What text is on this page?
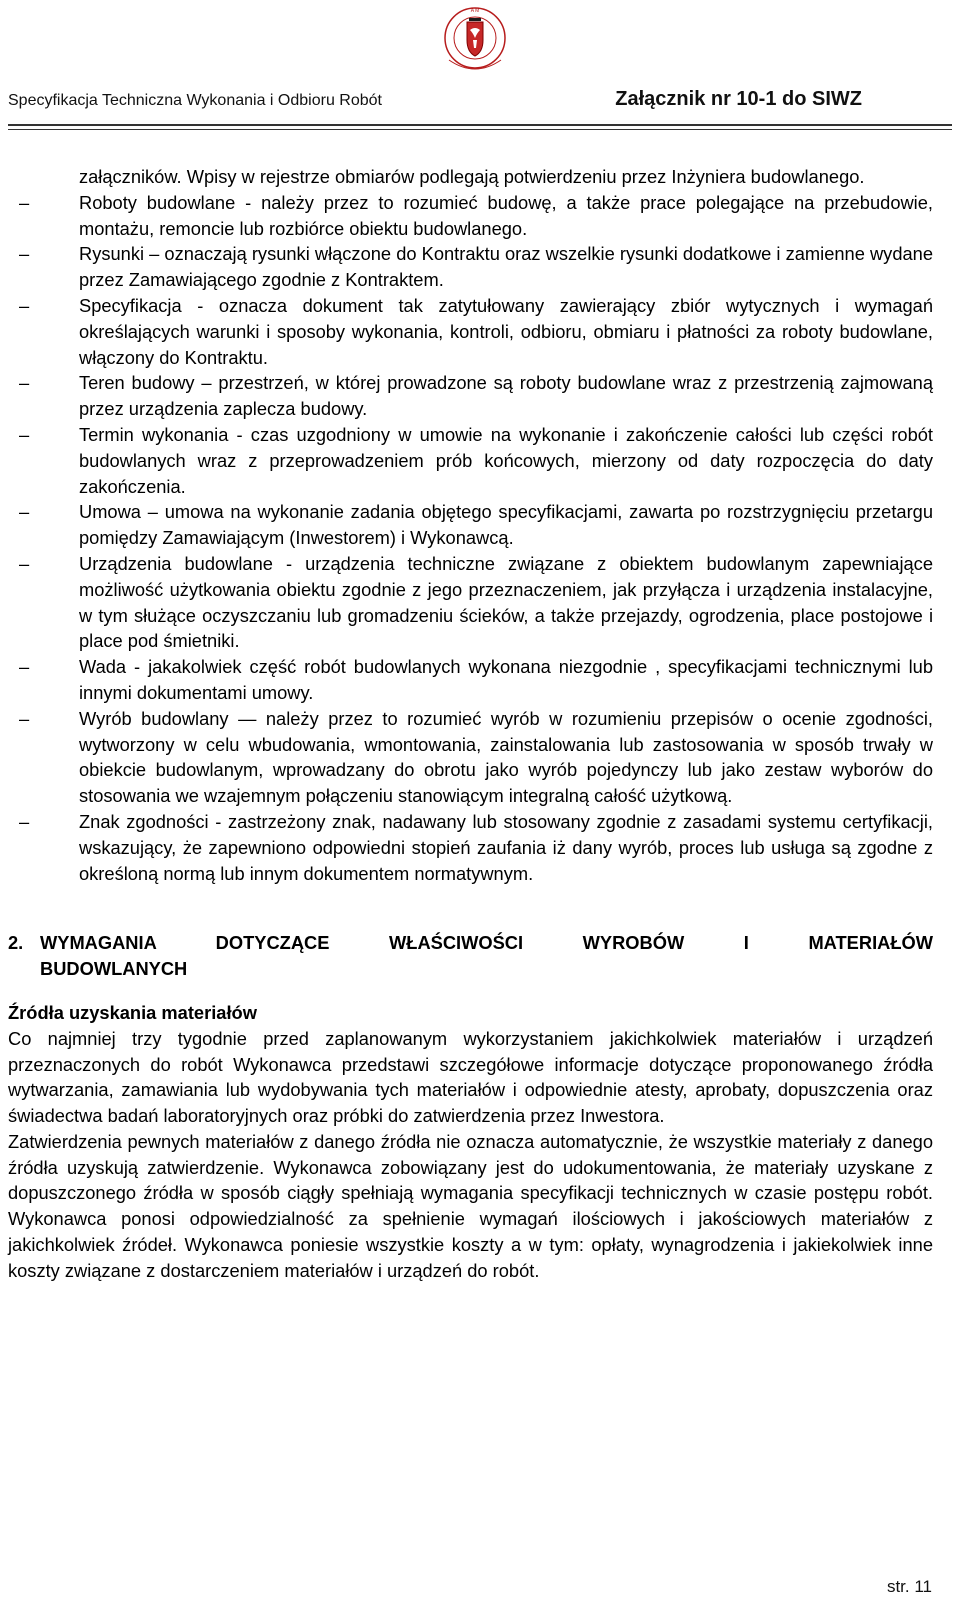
A M
Specyfikacja Techniczna Wykonania i Odbioru Robót	Załącznik nr 10-1 do SIWZ
załączników. Wpisy w rejestrze obmiarów podlegają potwierdzeniu przez Inżyniera budowlanego.
–	Roboty budowlane - należy przez to rozumieć budowę, a także prace polegające na przebudowie, montażu, remoncie lub rozbiórce obiektu budowlanego.
–	Rysunki – oznaczają rysunki włączone do Kontraktu oraz wszelkie rysunki dodatkowe i zamienne wydane przez Zamawiającego zgodnie z Kontraktem.
–	Specyfikacja - oznacza dokument tak zatytułowany zawierający zbiór wytycznych i wymagań określających warunki i sposoby wykonania, kontroli, odbioru, obmiaru i płatności za roboty budowlane, włączony do Kontraktu.
–	Teren budowy – przestrzeń, w której prowadzone są roboty budowlane wraz z przestrzenią zajmowaną przez urządzenia zaplecza budowy.
–	Termin wykonania - czas uzgodniony w umowie na wykonanie i zakończenie całości lub części robót budowlanych wraz z przeprowadzeniem prób końcowych, mierzony od daty rozpoczęcia do daty zakończenia.
–	Umowa – umowa na wykonanie zadania objętego specyfikacjami, zawarta po rozstrzygnięciu przetargu pomiędzy Zamawiającym (Inwestorem) i Wykonawcą.
–	Urządzenia budowlane - urządzenia techniczne związane z obiektem budowlanym zapewniające możliwość użytkowania obiektu zgodnie z jego przeznaczeniem, jak przyłącza i urządzenia instalacyjne, w tym służące oczyszczaniu lub gromadzeniu ścieków, a także przejazdy, ogrodzenia, place postojowe i place pod śmietniki.
–	Wada - jakakolwiek część robót budowlanych wykonana niezgodnie , specyfikacjami technicznymi lub innymi dokumentami umowy.
–	Wyrób budowlany — należy przez to rozumieć wyrób w rozumieniu przepisów o ocenie zgodności, wytworzony w celu wbudowania, wmontowania, zainstalowania lub zastosowania w sposób trwały w obiekcie budowlanym, wprowadzany do obrotu jako wyrób pojedynczy lub jako zestaw wyborów do stosowania we wzajemnym połączeniu stanowiącym integralną całość użytkową.
–	Znak zgodności - zastrzeżony znak, nadawany lub stosowany zgodnie z zasadami systemu certyfikacji, wskazujący, że zapewniono odpowiedni stopień zaufania iż dany wyrób, proces lub usługa są zgodne z określoną normą lub innym dokumentem normatywnym.
2. WYMAGANIA DOTYCZĄCE WŁAŚCIWOŚCI WYROBÓW I MATERIAŁÓW
BUDOWLANYCH
Źródła uzyskania materiałów
Co najmniej trzy tygodnie przed zaplanowanym wykorzystaniem jakichkolwiek materiałów i urządzeń przeznaczonych do robót Wykonawca przedstawi szczegółowe informacje dotyczące proponowanego źródła wytwarzania, zamawiania lub wydobywania tych materiałów i odpowiednie atesty, aprobaty, dopuszczenia oraz świadectwa badań laboratoryjnych oraz próbki do zatwierdzenia przez Inwestora.
Zatwierdzenia pewnych materiałów z danego źródła nie oznacza automatycznie, że wszystkie materiały z danego źródła uzyskują zatwierdzenie. Wykonawca zobowiązany jest do udokumentowania, że materiały uzyskane z dopuszczonego źródła w sposób ciągły spełniają wymagania specyfikacji technicznych w czasie postępu robót. Wykonawca ponosi odpowiedzialność za spełnienie wymagań ilościowych i jakościowych materiałów z jakichkolwiek źródeł. Wykonawca poniesie wszystkie koszty a w tym: opłaty, wynagrodzenia i jakiekolwiek inne koszty związane z dostarczeniem materiałów i urządzeń do robót.
str. 11
